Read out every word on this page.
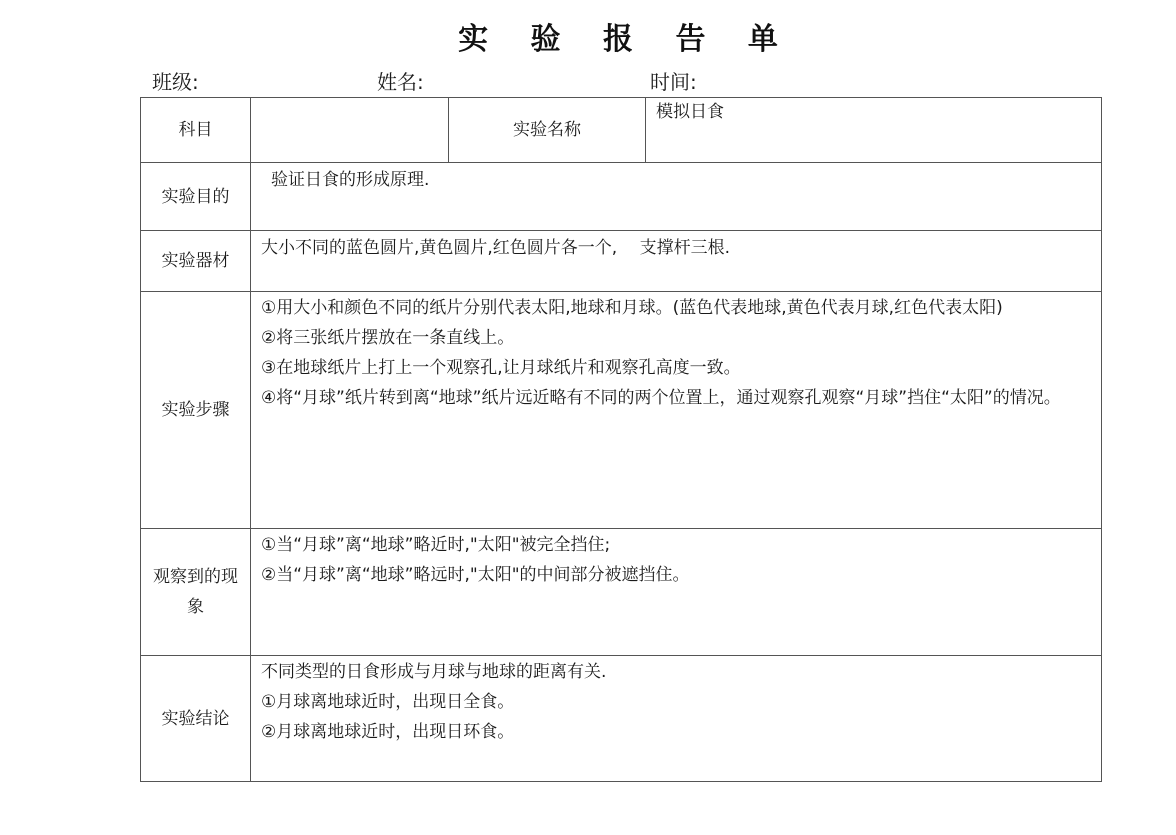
实 验 报 告 单
班级:	姓名:	时间:
科目		实验名称	模拟日食

实验目的	验证日食的形成原理.		

实验器材	大小不同的蓝色圆片,黄色圆片,红色圆片各一个,　 支撑杆三根.		

实验步骤	①用大小和颜色不同的纸片分别代表太阳,地球和月球。(蓝色代表地球,黄色代表月球,红色代表太阳)
②将三张纸片摆放在一条直线上。
③在地球纸片上打上一个观察孔,让月球纸片和观察孔高度一致。
④将“月球”纸片转到离“地球”纸片远近略有不同的两个位置上，通过观察孔观察“月球”挡住“太阳”的情况。		

观察到的现象	①当“月球”离“地球”略近时,"太阳"被完全挡住;
②当“月球”离“地球”略远时,"太阳"的中间部分被遮挡住。		

实验结论	不同类型的日食形成与月球与地球的距离有关.
①月球离地球近时，出现日全食。
②月球离地球近时，出现日环食。		
